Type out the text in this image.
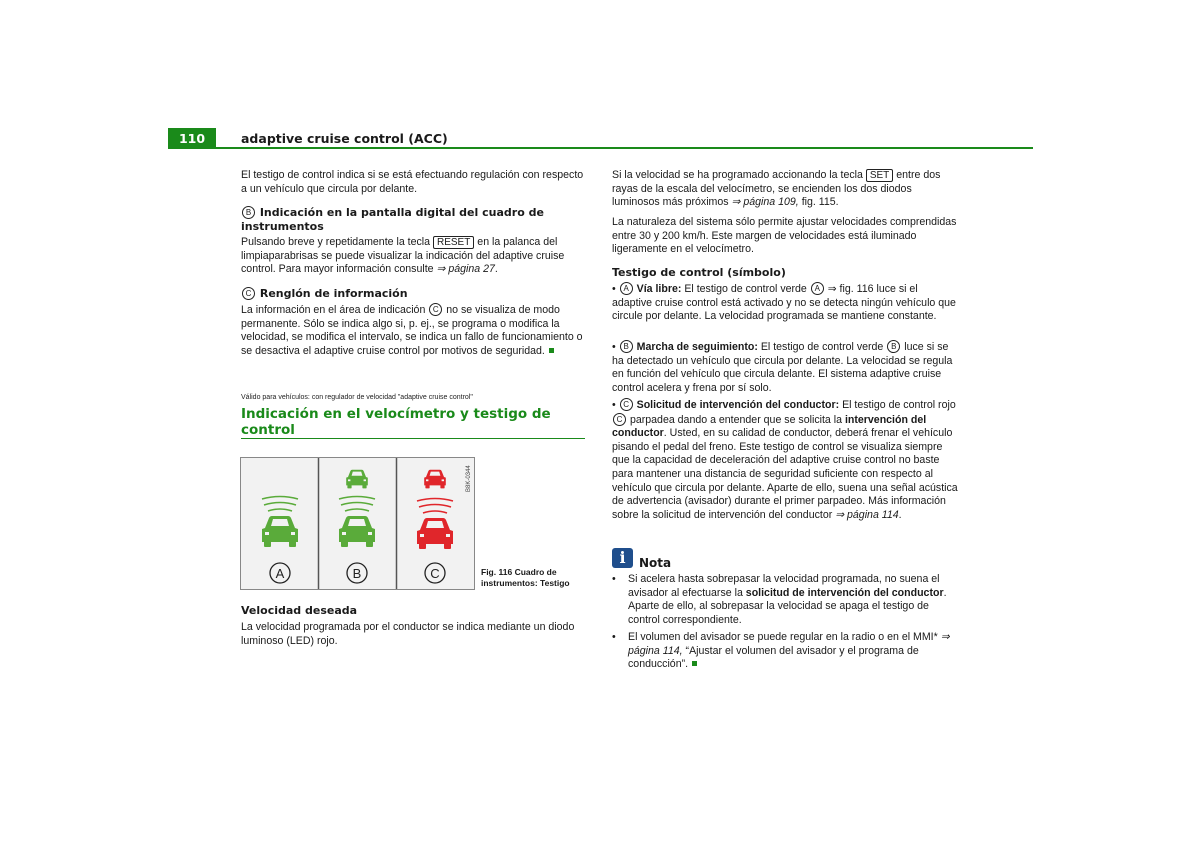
110	adaptive cruise control (ACC)
El testigo de control indica si se está efectuando regulación con respecto a un vehículo que circula por delante.
B Indicación en la pantalla digital del cuadro de instrumentos
Pulsando breve y repetidamente la tecla RESET en la palanca del limpiaparabrisas se puede visualizar la indicación del adaptive cruise control. Para mayor información consulte ⇒ página 27.
C Renglón de información
La información en el área de indicación C no se visualiza de modo permanente. Sólo se indica algo si, p. ej., se programa o modifica la velocidad, se modifica el intervalo, se indica un fallo de funcionamiento o se desactiva el adaptive cruise control por motivos de seguridad.
Válido para vehículos: con regulador de velocidad "adaptive cruise control"
Indicación en el velocímetro y testigo de control
A	B	C
B8K-0344
Fig. 116 Cuadro de instrumentos: Testigo
Velocidad deseada
La velocidad programada por el conductor se indica mediante un diodo luminoso (LED) rojo.
Si la velocidad se ha programado accionando la tecla SET entre dos rayas de la escala del velocímetro, se encienden los dos diodos luminosos más próximos ⇒ página 109, fig. 115.
La naturaleza del sistema sólo permite ajustar velocidades comprendidas entre 30 y 200 km/h. Este margen de velocidades está iluminado ligeramente en el velocímetro.
Testigo de control (símbolo)
• A Vía libre: El testigo de control verde A ⇒ fig. 116 luce si el adaptive cruise control está activado y no se detecta ningún vehículo que circule por delante. La velocidad programada se mantiene constante.
• B Marcha de seguimiento: El testigo de control verde B luce si se ha detectado un vehículo que circula por delante. La velocidad se regula en función del vehículo que circula delante. El sistema adaptive cruise control acelera y frena por sí solo.
• C Solicitud de intervención del conductor: El testigo de control rojo C parpadea dando a entender que se solicita la intervención del conductor. Usted, en su calidad de conductor, deberá frenar el vehículo pisando el pedal del freno. Este testigo de control se visualiza siempre que la capacidad de deceleración del adaptive cruise control no baste para mantener una distancia de seguridad suficiente con respecto al vehículo que circula por delante. Aparte de ello, suena una señal acústica de advertencia (avisador) durante el primer parpadeo. Más información sobre la solicitud de intervención del conductor ⇒ página 114.
i	Nota
•	Si acelera hasta sobrepasar la velocidad programada, no suena el avisador al efectuarse la solicitud de intervención del conductor. Aparte de ello, al sobrepasar la velocidad se apaga el testigo de control correspondiente.
•	El volumen del avisador se puede regular en la radio o en el MMI* ⇒ página 114, “Ajustar el volumen del avisador y el programa de conducción”.
